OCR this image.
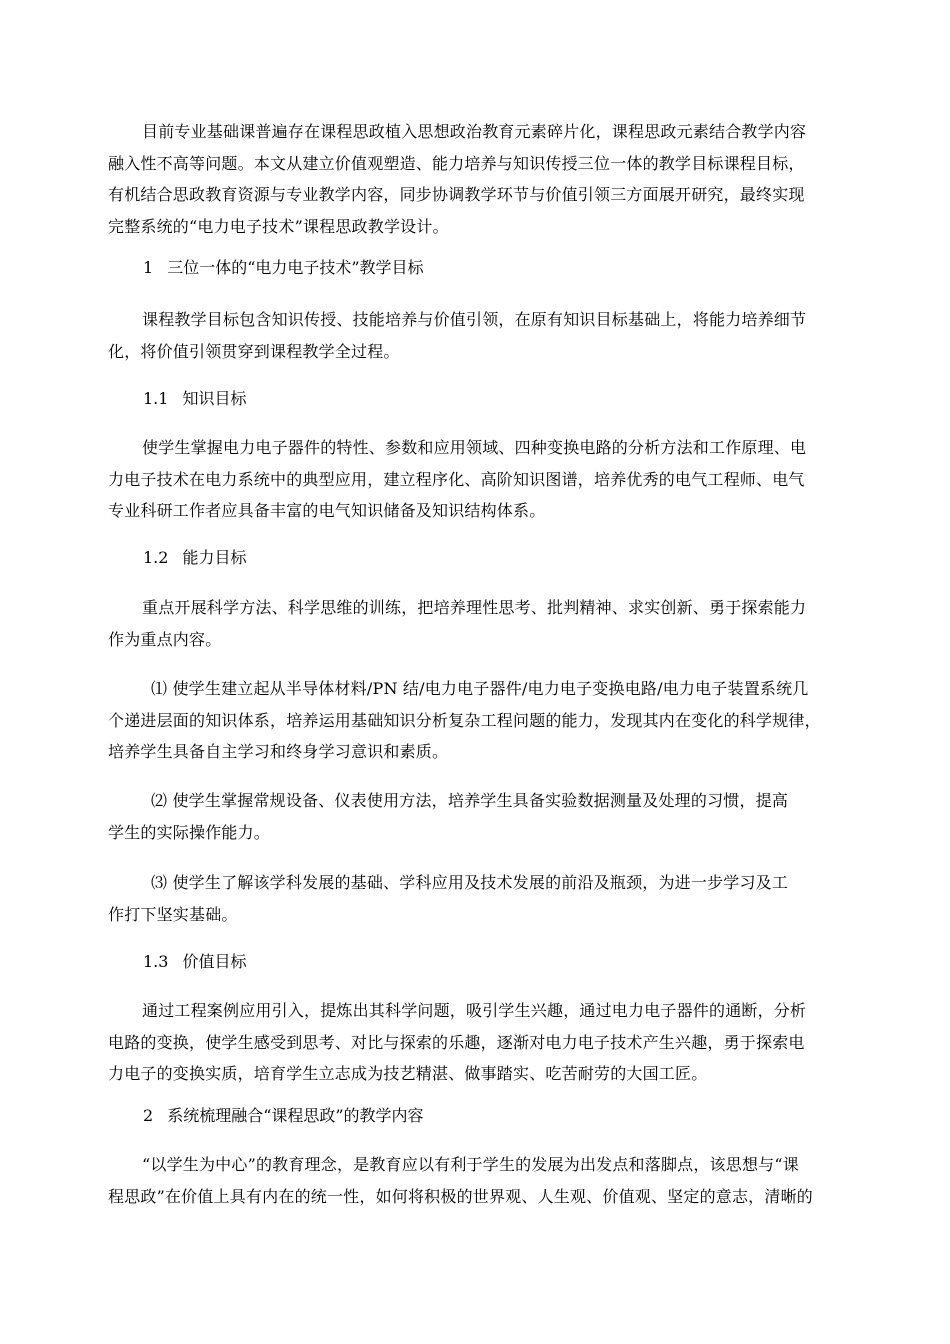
目前专业基础课普遍存在课程思政植入思想政治教育元素碎片化，课程思政元素结合教学内容
融入性不高等问题。本文从建立价值观塑造、能力培养与知识传授三位一体的教学目标课程目标，
有机结合思政教育资源与专业教学内容，同步协调教学环节与价值引领三方面展开研究，最终实现
完整系统的“电力电子技术”课程思政教学设计。
1 三位一体的“电力电子技术”教学目标
课程教学目标包含知识传授、技能培养与价值引领，在原有知识目标基础上，将能力培养细节
化，将价值引领贯穿到课程教学全过程。
1.1 知识目标
使学生掌握电力电子器件的特性、参数和应用领域、四种变换电路的分析方法和工作原理、电
力电子技术在电力系统中的典型应用，建立程序化、高阶知识图谱，培养优秀的电气工程师、电气
专业科研工作者应具备丰富的电气知识储备及知识结构体系。
1.2 能力目标
重点开展科学方法、科学思维的训练，把培养理性思考、批判精神、求实创新、勇于探索能力
作为重点内容。
⑴ 使学生建立起从半导体材料/PN 结/电力电子器件/电力电子变换电路/电力电子装置系统几
个递进层面的知识体系，培养运用基础知识分析复杂工程问题的能力，发现其内在变化的科学规律，
培养学生具备自主学习和终身学习意识和素质。
⑵ 使学生掌握常规设备、仪表使用方法，培养学生具备实验数据测量及处理的习惯，提高
学生的实际操作能力。
⑶ 使学生了解该学科发展的基础、学科应用及技术发展的前沿及瓶颈，为进一步学习及工
作打下坚实基础。
1.3 价值目标
通过工程案例应用引入，提炼出其科学问题，吸引学生兴趣，通过电力电子器件的通断，分析
电路的变换，使学生感受到思考、对比与探索的乐趣，逐渐对电力电子技术产生兴趣，勇于探索电
力电子的变换实质，培育学生立志成为技艺精湛、做事踏实、吃苦耐劳的大国工匠。
2 系统梳理融合“课程思政”的教学内容
“以学生为中心”的教育理念，是教育应以有利于学生的发展为出发点和落脚点，该思想与“课
程思政”在价值上具有内在的统一性，如何将积极的世界观、人生观、价值观、坚定的意志，清晰的
